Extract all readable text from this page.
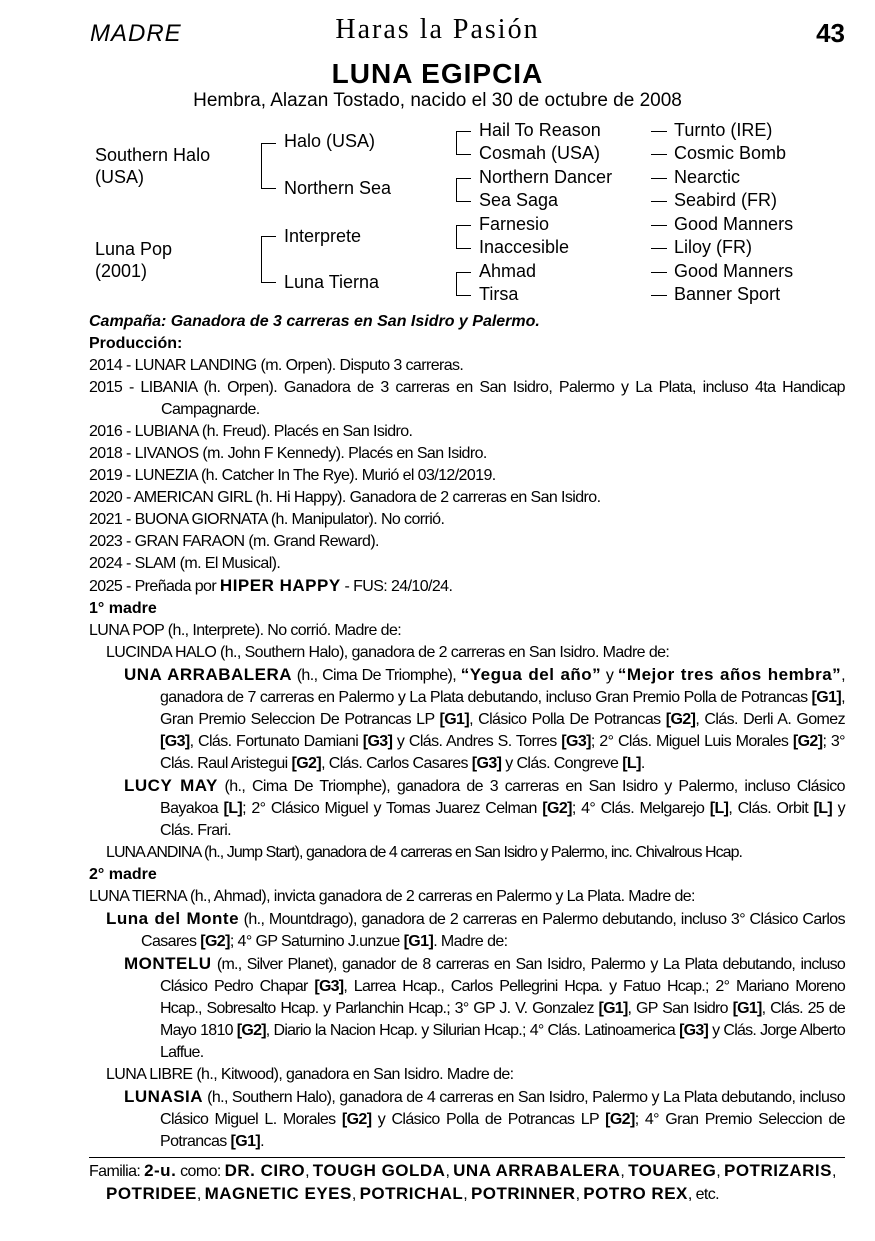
MADRE	Haras la Pasión	43
LUNA EGIPCIA
Hembra, Alazan Tostado, nacido el 30 de octubre de 2008
Southern Halo
(USA)
Luna Pop
(2001)
Halo (USA)
Northern Sea
Interprete
Luna Tierna
Hail To Reason
Cosmah (USA)
Northern Dancer
Sea Saga
Farnesio
Inaccesible
Ahmad
Tirsa
Turnto (IRE)
Cosmic Bomb
Nearctic
Seabird (FR)
Good Manners
Liloy (FR)
Good Manners
Banner Sport
Campaña: Ganadora de 3 carreras en San Isidro y Palermo.
Producción:
2014 - LUNAR LANDING (m. Orpen). Disputo 3 carreras.
2015 - LIBANIA (h. Orpen). Ganadora de 3 carreras en San Isidro, Palermo y La Plata, incluso 4ta Handicap Campagnarde.
2016 - LUBIANA (h. Freud). Placés en San Isidro.
2018 - LIVANOS (m. John F Kennedy). Placés en San Isidro.
2019 - LUNEZIA (h. Catcher In The Rye). Murió el 03/12/2019.
2020 - AMERICAN GIRL (h. Hi Happy). Ganadora de 2 carreras en San Isidro.
2021 - BUONA GIORNATA (h. Manipulator). No corrió.
2023 - GRAN FARAON (m. Grand Reward).
2024 - SLAM (m. El Musical).
2025 - Preñada por HIPER HAPPY - FUS: 24/10/24.
1° madre
LUNA POP (h., Interprete). No corrió. Madre de:
LUCINDA HALO (h., Southern Halo), ganadora de 2 carreras en San Isidro. Madre de:
UNA ARRABALERA (h., Cima De Triomphe), “Yegua del año” y “Mejor tres años hembra”, ganadora de 7 carreras en Palermo y La Plata debutando, incluso Gran Premio Polla de Potrancas [G1], Gran Premio Seleccion De Potrancas LP [G1], Clásico Polla De Potrancas [G2], Clás. Derli A. Gomez [G3], Clás. Fortunato Damiani [G3] y Clás. Andres S. Torres [G3]; 2° Clás. Miguel Luis Morales [G2]; 3° Clás. Raul Aristegui [G2], Clás. Carlos Casares [G3] y Clás. Congreve [L].
LUCY MAY (h., Cima De Triomphe), ganadora de 3 carreras en San Isidro y Palermo, incluso Clásico Bayakoa [L]; 2° Clásico Miguel y Tomas Juarez Celman [G2]; 4° Clás. Melgarejo [L], Clás. Orbit [L] y Clás. Frari.
LUNA ANDINA (h., Jump Start), ganadora de 4 carreras en San Isidro y Palermo, inc. Chivalrous Hcap.
2° madre
LUNA TIERNA (h., Ahmad), invicta ganadora de 2 carreras en Palermo y La Plata. Madre de:
Luna del Monte (h., Mountdrago), ganadora de 2 carreras en Palermo debutando, incluso 3° Clásico Carlos Casares [G2]; 4° GP Saturnino J.unzue [G1]. Madre de:
MONTELU (m., Silver Planet), ganador de 8 carreras en San Isidro, Palermo y La Plata debutando, incluso Clásico Pedro Chapar [G3], Larrea Hcap., Carlos Pellegrini Hcpa. y Fatuo Hcap.; 2° Mariano Moreno Hcap., Sobresalto Hcap. y Parlanchin Hcap.; 3° GP J. V. Gonzalez [G1], GP San Isidro [G1], Clás. 25 de Mayo 1810 [G2], Diario la Nacion Hcap. y Silurian Hcap.; 4° Clás. Latinoamerica [G3] y Clás. Jorge Alberto Laffue.
LUNA LIBRE (h., Kitwood), ganadora en San Isidro. Madre de:
LUNASIA (h., Southern Halo), ganadora de 4 carreras en San Isidro, Palermo y La Plata debutando, incluso Clásico Miguel L. Morales [G2] y Clásico Polla de Potrancas LP [G2]; 4° Gran Premio Seleccion de Potrancas [G1].
Familia: 2-u. como: DR. CIRO, TOUGH GOLDA, UNA ARRABALERA, TOUAREG, POTRIZARIS,
POTRIDEE, MAGNETIC EYES, POTRICHAL, POTRINNER, POTRO REX, etc.
